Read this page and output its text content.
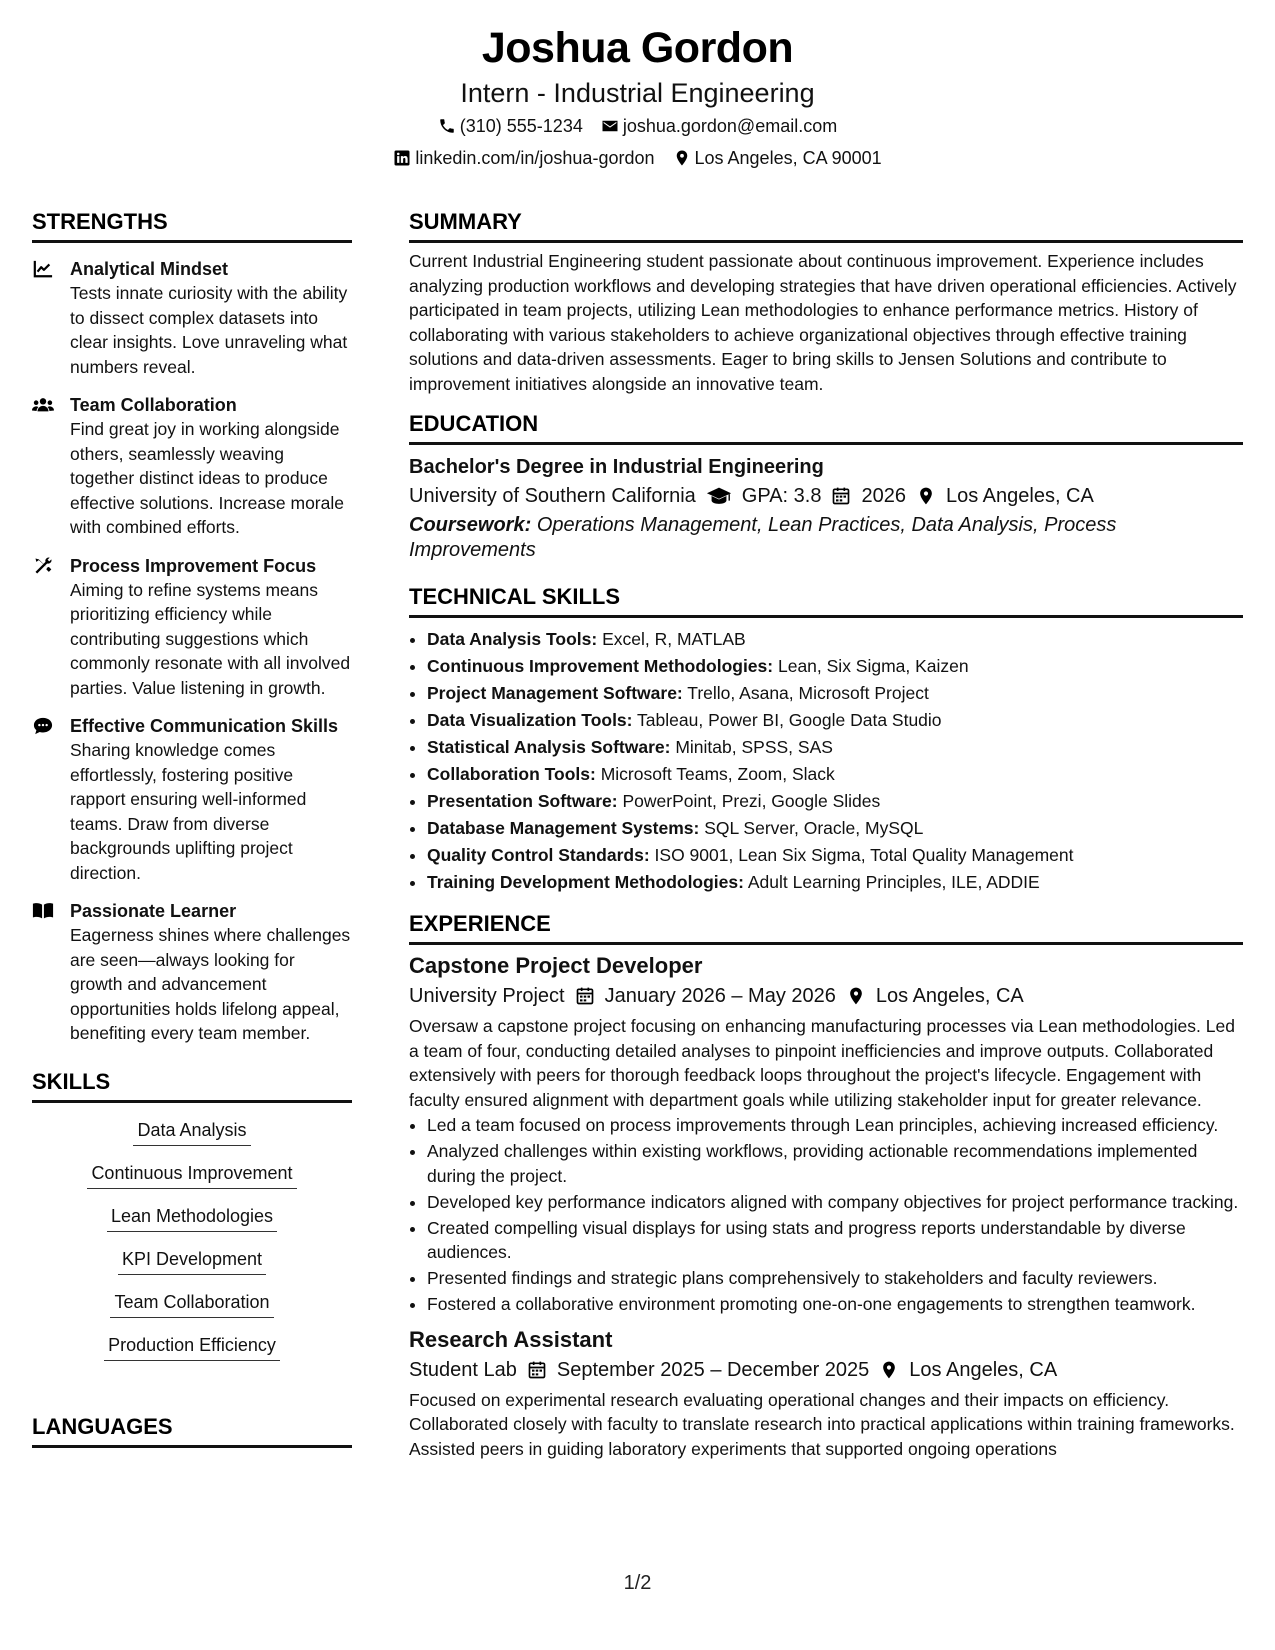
Joshua Gordon
Intern - Industrial Engineering
(310) 555-1234 joshua.gordon@email.com
linkedin.com/in/joshua-gordon Los Angeles, CA 90001
STRENGTHS
Analytical Mindset
Tests innate curiosity with the ability to dissect complex datasets into clear insights. Love unraveling what numbers reveal.
Team Collaboration
Find great joy in working alongside others, seamlessly weaving together distinct ideas to produce effective solutions. Increase morale with combined efforts.
Process Improvement Focus
Aiming to refine systems means prioritizing efficiency while contributing suggestions which commonly resonate with all involved parties. Value listening in growth.
Effective Communication Skills
Sharing knowledge comes effortlessly, fostering positive rapport ensuring well-informed teams. Draw from diverse backgrounds uplifting project direction.
Passionate Learner
Eagerness shines where challenges are seen—always looking for growth and advancement opportunities holds lifelong appeal, benefiting every team member.
SKILLS
Data Analysis
Continuous Improvement
Lean Methodologies
KPI Development
Team Collaboration
Production Efficiency
LANGUAGES
SUMMARY
Current Industrial Engineering student passionate about continuous improvement. Experience includes analyzing production workflows and developing strategies that have driven operational efficiencies. Actively participated in team projects, utilizing Lean methodologies to enhance performance metrics. History of collaborating with various stakeholders to achieve organizational objectives through effective training solutions and data-driven assessments. Eager to bring skills to Jensen Solutions and contribute to improvement initiatives alongside an innovative team.
EDUCATION
Bachelor's Degree in Industrial Engineering
University of Southern California GPA: 3.8 2026 Los Angeles, CA
Coursework: Operations Management, Lean Practices, Data Analysis, Process Improvements
TECHNICAL SKILLS
• Data Analysis Tools: Excel, R, MATLAB
• Continuous Improvement Methodologies: Lean, Six Sigma, Kaizen
• Project Management Software: Trello, Asana, Microsoft Project
• Data Visualization Tools: Tableau, Power BI, Google Data Studio
• Statistical Analysis Software: Minitab, SPSS, SAS
• Collaboration Tools: Microsoft Teams, Zoom, Slack
• Presentation Software: PowerPoint, Prezi, Google Slides
• Database Management Systems: SQL Server, Oracle, MySQL
• Quality Control Standards: ISO 9001, Lean Six Sigma, Total Quality Management
• Training Development Methodologies: Adult Learning Principles, ILE, ADDIE
EXPERIENCE
Capstone Project Developer
University Project January 2026 – May 2026 Los Angeles, CA
Oversaw a capstone project focusing on enhancing manufacturing processes via Lean methodologies. Led a team of four, conducting detailed analyses to pinpoint inefficiencies and improve outputs. Collaborated extensively with peers for thorough feedback loops throughout the project's lifecycle. Engagement with faculty ensured alignment with department goals while utilizing stakeholder input for greater relevance.
• Led a team focused on process improvements through Lean principles, achieving increased efficiency.
• Analyzed challenges within existing workflows, providing actionable recommendations implemented during the project.
• Developed key performance indicators aligned with company objectives for project performance tracking.
• Created compelling visual displays for using stats and progress reports understandable by diverse audiences.
• Presented findings and strategic plans comprehensively to stakeholders and faculty reviewers.
• Fostered a collaborative environment promoting one-on-one engagements to strengthen teamwork.
Research Assistant
Student Lab September 2025 – December 2025 Los Angeles, CA
Focused on experimental research evaluating operational changes and their impacts on efficiency. Collaborated closely with faculty to translate research into practical applications within training frameworks. Assisted peers in guiding laboratory experiments that supported ongoing operations
1/2
